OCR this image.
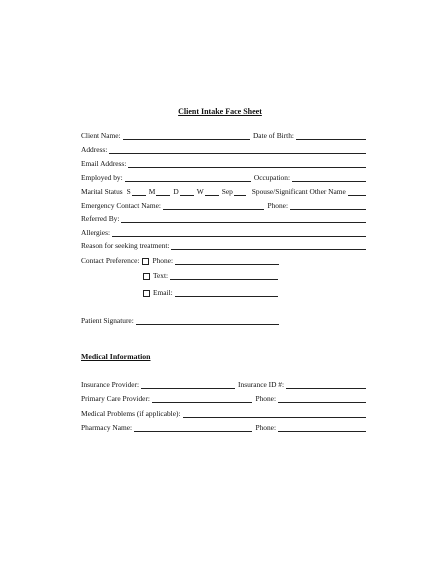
Client Intake Face Sheet
Client Name:	Date of Birth:
Address:
Email Address:
Employed by:	Occupation:
Marital Status S M D W Sep	Spouse/Significant Other Name
Emergency Contact Name:	Phone:
Referred By:
Allergies:
Reason for seeking treatment:
Contact Preference: Phone:
Text:
Email:
Patient Signature:
Medical Information
Insurance Provider:	Insurance ID #:
Primary Care Provider:	Phone:
Medical Problems (if applicable):
Pharmacy Name:	Phone:
